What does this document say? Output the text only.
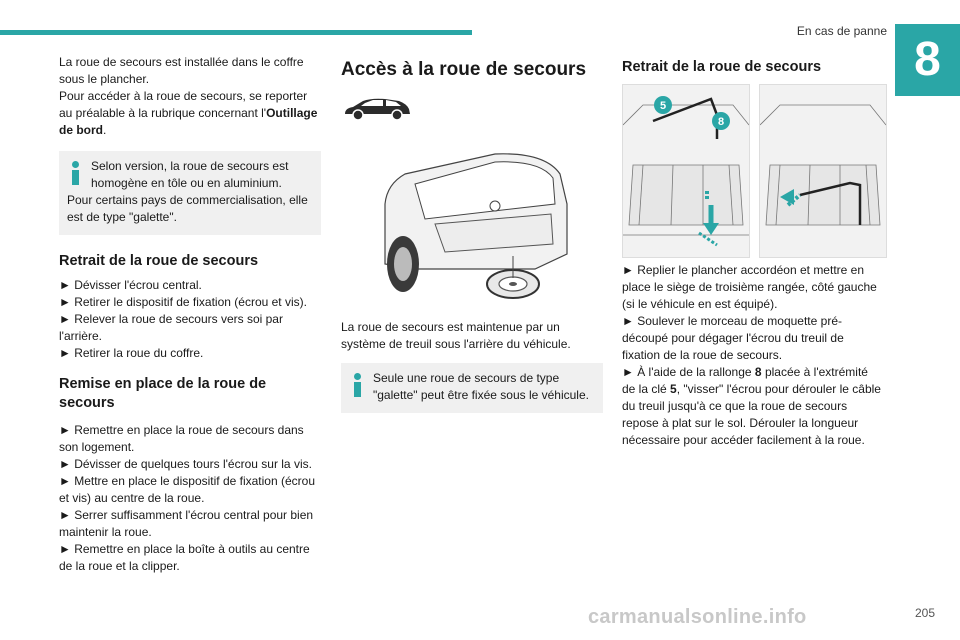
En cas de panne
8

La roue de secours est installée dans le coffre sous le plancher.

Pour accéder à la roue de secours, se reporter au préalable à la rubrique concernant l'Outillage de bord.

Selon version, la roue de secours est homogène en tôle ou en aluminium.

Pour certains pays de commercialisation, elle est de type "galette".

Retrait de la roue de secours

► Dévisser l'écrou central.

► Retirer le dispositif de fixation (écrou et vis).

► Relever la roue de secours vers soi par l'arrière.

► Retirer la roue du coffre.

Remise en place de la roue de secours

► Remettre en place la roue de secours dans son logement.

► Dévisser de quelques tours l'écrou sur la vis.

► Mettre en place le dispositif de fixation (écrou et vis) au centre de la roue.

► Serrer suffisamment l'écrou central pour bien maintenir la roue.

► Remettre en place la boîte à outils au centre de la roue et la clipper.

Accès à la roue de secours

La roue de secours est maintenue par un système de treuil sous l'arrière du véhicule.

Seule une roue de secours de type "galette" peut être fixée sous le véhicule.

Retrait de la roue de secours
5
8

► Replier le plancher accordéon et mettre en place le siège de troisième rangée, côté gauche (si le véhicule en est équipé).

► Soulever le morceau de moquette pré-découpé pour dégager l'écrou du treuil de fixation de la roue de secours.

► À l'aide de la rallonge 8 placée à l'extrémité de la clé 5, "visser" l'écrou pour dérouler le câble du treuil jusqu'à ce que la roue de secours repose à plat sur le sol. Dérouler la longueur nécessaire pour accéder facilement à la roue.

carmanualsonline.info	205
